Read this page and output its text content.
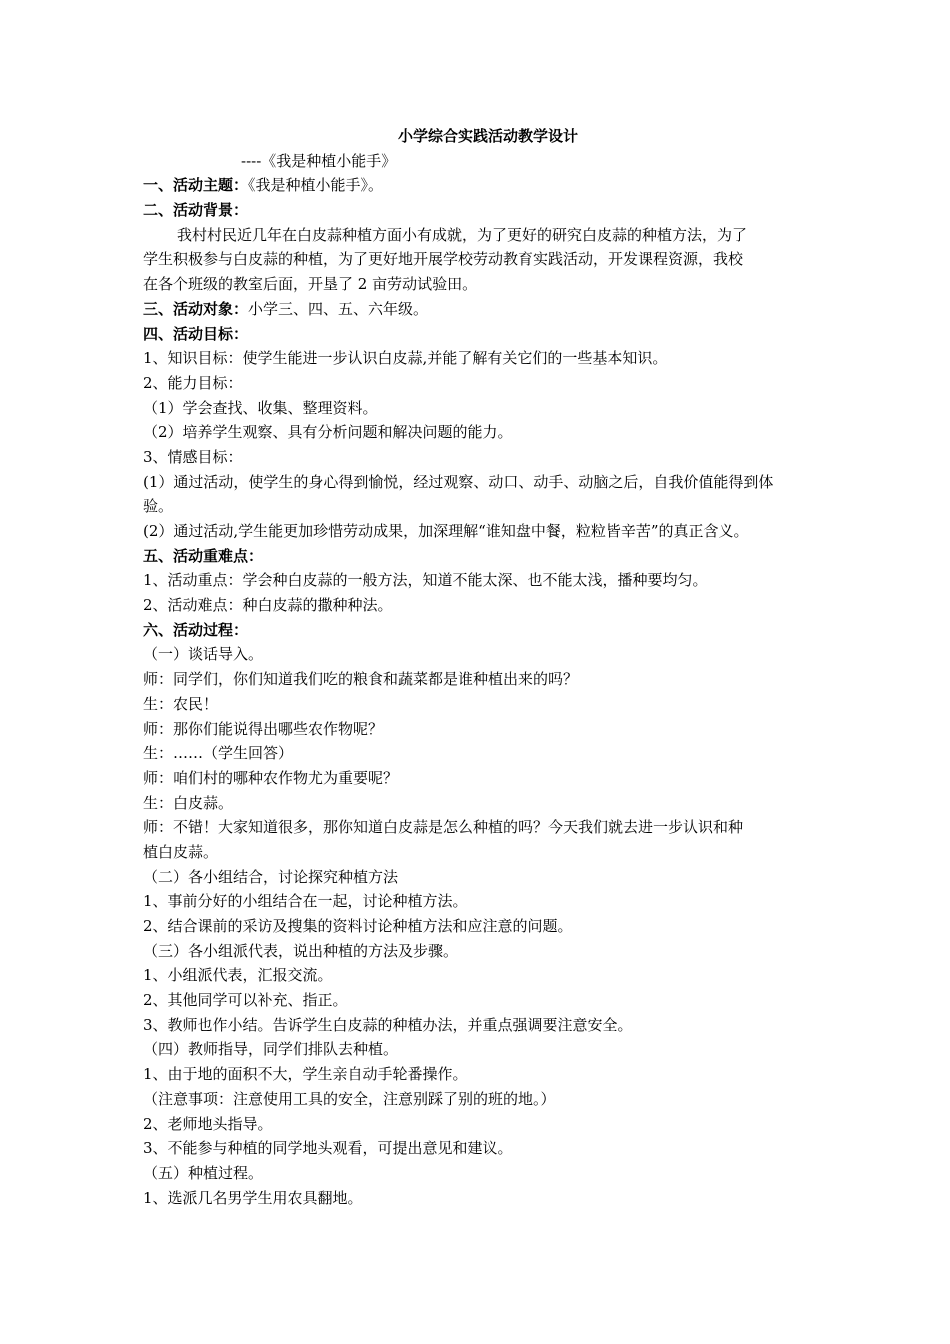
小学综合实践活动教学设计
----《我是种植小能手》
一、活动主题：《我是种植小能手》。
二、活动背景：
我村村民近几年在白皮蒜种植方面小有成就，为了更好的研究白皮蒜的种植方法，为了
学生积极参与白皮蒜的种植，为了更好地开展学校劳动教育实践活动，开发课程资源，我校
在各个班级的教室后面，开垦了 2 亩劳动试验田。
三、活动对象：小学三、四、五、六年级。
四、活动目标：
1、知识目标：使学生能进一步认识白皮蒜,并能了解有关它们的一些基本知识。
2、能力目标：
（1）学会查找、收集、整理资料。
（2）培养学生观察、具有分析问题和解决问题的能力。
3、情感目标：
(1）通过活动，使学生的身心得到愉悦，经过观察、动口、动手、动脑之后，自我价值能得到体
验。
(2）通过活动,学生能更加珍惜劳动成果，加深理解“谁知盘中餐，粒粒皆辛苦”的真正含义。
五、活动重难点：
1、活动重点：学会种白皮蒜的一般方法，知道不能太深、也不能太浅，播种要均匀。
2、活动难点：种白皮蒜的撒种种法。
六、活动过程：
（一）谈话导入。
师：同学们，你们知道我们吃的粮食和蔬菜都是谁种植出来的吗？
生：农民！
师：那你们能说得出哪些农作物呢？
生：……（学生回答）
师：咱们村的哪种农作物尤为重要呢？
生：白皮蒜。
师：不错！大家知道很多，那你知道白皮蒜是怎么种植的吗？今天我们就去进一步认识和种
植白皮蒜。
（二）各小组结合，讨论探究种植方法
1、事前分好的小组结合在一起，讨论种植方法。
2、结合课前的采访及搜集的资料讨论种植方法和应注意的问题。
（三）各小组派代表，说出种植的方法及步骤。
1、小组派代表，汇报交流。
2、其他同学可以补充、指正。
3、教师也作小结。告诉学生白皮蒜的种植办法，并重点强调要注意安全。
（四）教师指导，同学们排队去种植。
1、由于地的面积不大，学生亲自动手轮番操作。
（注意事项：注意使用工具的安全，注意别踩了别的班的地。）
2、老师地头指导。
3、不能参与种植的同学地头观看，可提出意见和建议。
（五）种植过程。
1、选派几名男学生用农具翻地。
